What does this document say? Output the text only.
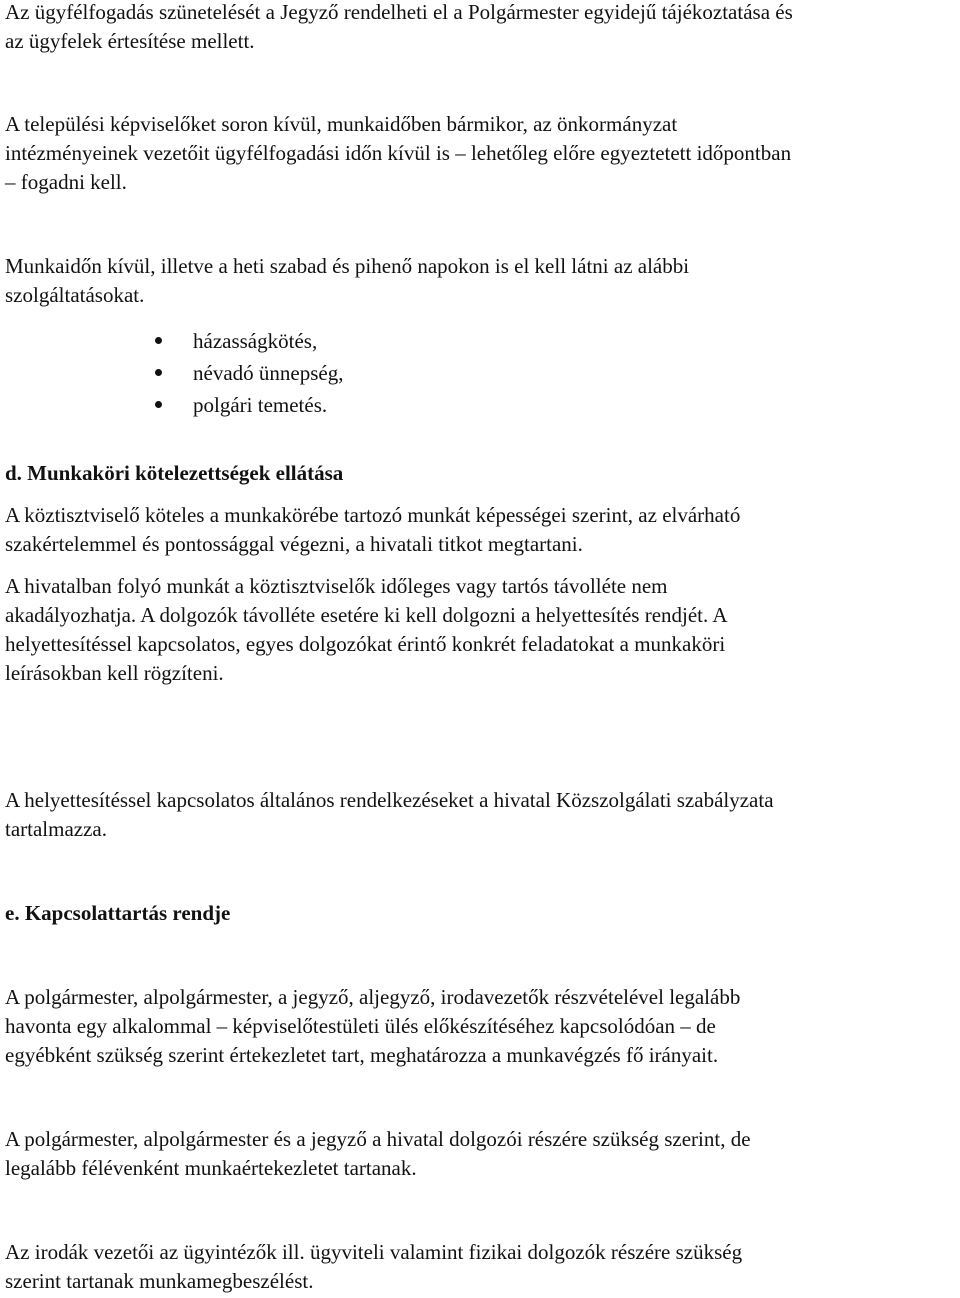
Az ügyfélfogadás szünetelését a Jegyző rendelheti el a Polgármester egyidejű tájékoztatása és
az ügyfelek értesítése mellett.
A települési képviselőket soron kívül, munkaidőben bármikor, az önkormányzat
intézményeinek vezetőit ügyfélfogadási időn kívül is – lehetőleg előre egyeztetett időpontban
– fogadni kell.
Munkaidőn kívül, illetve a heti szabad és pihenő napokon is el kell látni az alábbi
szolgáltatásokat.
házasságkötés,
névadó ünnepség,
polgári temetés.
d. Munkaköri kötelezettségek ellátása
A köztisztviselő köteles a munkakörébe tartozó munkát képességei szerint, az elvárható
szakértelemmel és pontossággal végezni, a hivatali titkot megtartani.
A hivatalban folyó munkát a köztisztviselők időleges vagy tartós távolléte nem
akadályozhatja. A dolgozók távolléte esetére ki kell dolgozni a helyettesítés rendjét. A
helyettesítéssel kapcsolatos, egyes dolgozókat érintő konkrét feladatokat a munkaköri
leírásokban kell rögzíteni.
A helyettesítéssel kapcsolatos általános rendelkezéseket a hivatal Közszolgálati szabályzata
tartalmazza.
e. Kapcsolattartás rendje
A polgármester, alpolgármester, a jegyző, aljegyző, irodavezetők részvételével legalább
havonta egy alkalommal – képviselőtestületi ülés előkészítéséhez kapcsolódóan – de
egyébként szükség szerint értekezletet tart, meghatározza a munkavégzés fő irányait.
A polgármester, alpolgármester és a jegyző a hivatal dolgozói részére szükség szerint, de
legalább félévenként munkaértekezletet tartanak.
Az irodák vezetői az ügyintézők ill. ügyviteli valamint fizikai dolgozók részére szükség
szerint tartanak munkamegbeszélést.
